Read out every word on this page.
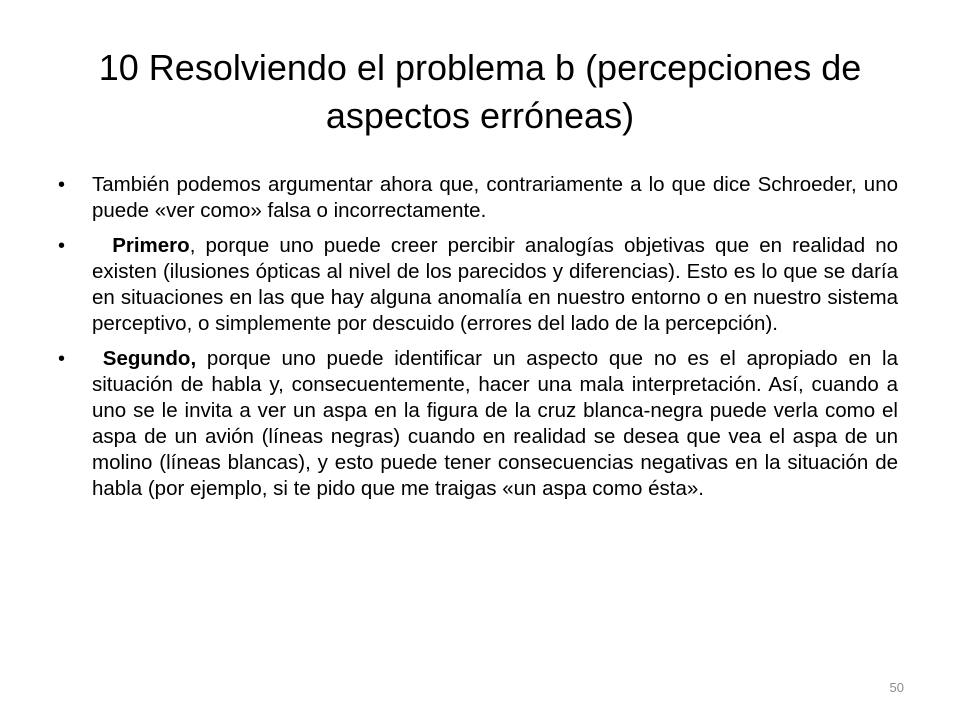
10 Resolviendo el problema b (percepciones de aspectos erróneas)
• También podemos argumentar ahora que, contrariamente a lo que dice Schroeder, uno puede «ver como» falsa o incorrectamente.
• Primero, porque uno puede creer percibir analogías objetivas que en realidad no existen (ilusiones ópticas al nivel de los parecidos y diferencias). Esto es lo que se daría en situaciones en las que hay alguna anomalía en nuestro entorno o en nuestro sistema perceptivo, o simplemente por descuido (errores del lado de la percepción).
• Segundo, porque uno puede identificar un aspecto que no es el apropiado en la situación de habla y, consecuentemente, hacer una mala interpretación. Así, cuando a uno se le invita a ver un aspa en la figura de la cruz blanca-negra puede verla como el aspa de un avión (líneas negras) cuando en realidad se desea que vea el aspa de un molino (líneas blancas), y esto puede tener consecuencias negativas en la situación de habla (por ejemplo, si te pido que me traigas «un aspa como ésta».
50
